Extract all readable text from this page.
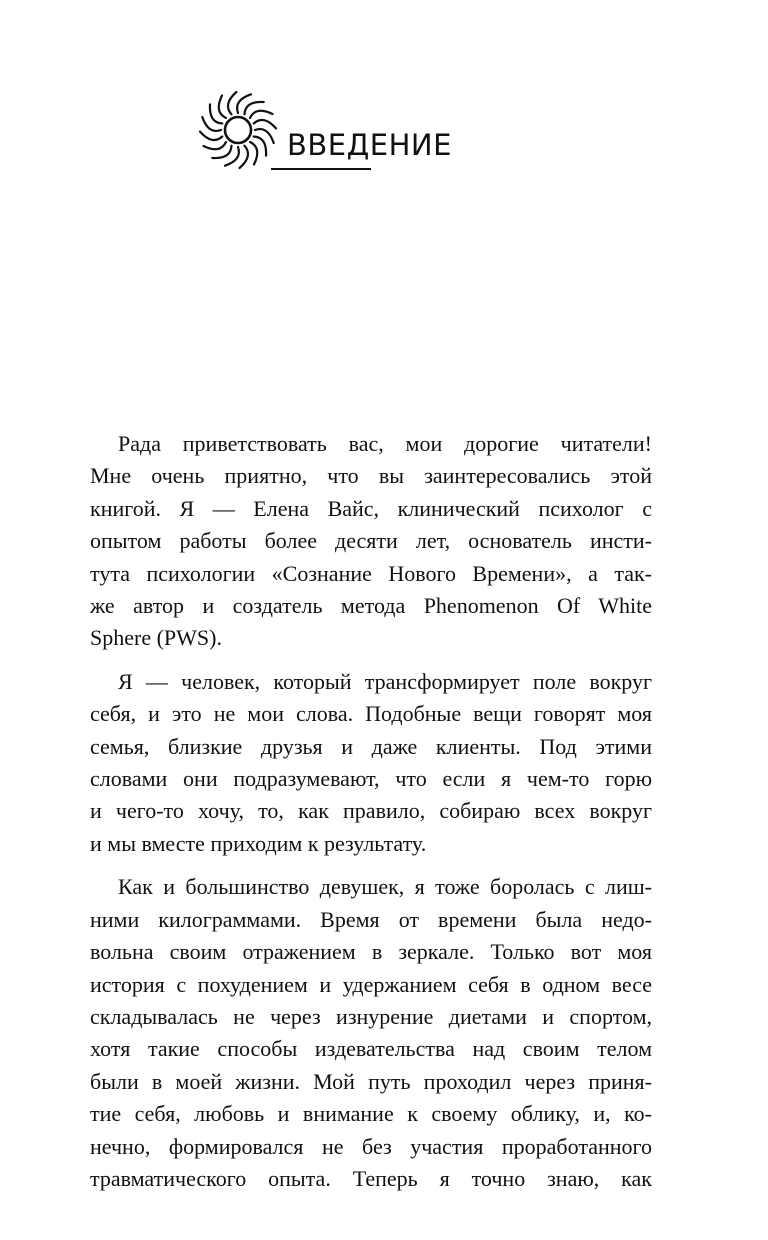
ВВЕДЕНИЕ

Рада приветствовать вас, мои дорогие читатели!
Мне очень приятно, что вы заинтересовались этой
книгой. Я — Елена Вайс, клинический психолог с
опытом работы более десяти лет, основатель инсти-
тута психологии «Сознание Нового Времени», а так-
же автор и создатель метода Phenomenon Of White
Sphere (PWS).

Я — человек, который трансформирует поле вокруг
себя, и это не мои слова. Подобные вещи говорят моя
семья, близкие друзья и даже клиенты. Под этими
словами они подразумевают, что если я чем-то горю
и чего-то хочу, то, как правило, собираю всех вокруг
и мы вместе приходим к результату.

Как и большинство девушек, я тоже боролась с лиш-
ними килограммами. Время от времени была недо-
вольна своим отражением в зеркале. Только вот моя
история с похудением и удержанием себя в одном весе
складывалась не через изнурение диетами и спортом,
хотя такие способы издевательства над своим телом
были в моей жизни. Мой путь проходил через приня-
тие себя, любовь и внимание к своему облику, и, ко-
нечно, формировался не без участия проработанного
травматического опыта. Теперь я точно знаю, как
